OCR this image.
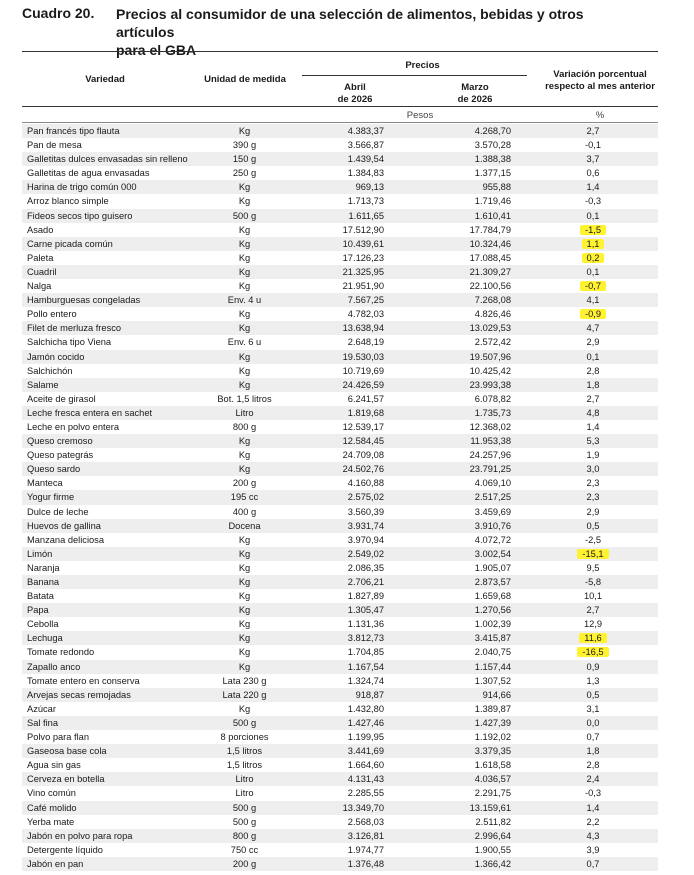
Cuadro 20. Precios al consumidor de una selección de alimentos, bebidas y otros artículos
para el GBA
Variedad	Unidad de medida
Precios
Abril
de 2026
Marzo
de 2026
Variación porcentual
respecto al mes anterior
Pesos	%
Pan francés tipo flauta	Kg	4.383,37	4.268,70	2,7
Pan de mesa	390 g	3.566,87	3.570,28	-0,1
Galletitas dulces envasadas sin relleno	150 g	1.439,54	1.388,38	3,7
Galletitas de agua envasadas	250 g	1.384,83	1.377,15	0,6
Harina de trigo común 000	Kg	969,13	955,88	1,4
Arroz blanco simple	Kg	1.713,73	1.719,46	-0,3
Fideos secos tipo guisero	500 g	1.611,65	1.610,41	0,1
Asado	Kg	17.512,90	17.784,79	-1,5
Carne picada común	Kg	10.439,61	10.324,46	1,1
Paleta	Kg	17.126,23	17.088,45	0,2
Cuadril	Kg	21.325,95	21.309,27	0,1
Nalga	Kg	21.951,90	22.100,56	-0,7
Hamburguesas congeladas	Env. 4 u	7.567,25	7.268,08	4,1
Pollo entero	Kg	4.782,03	4.826,46	-0,9
Filet de merluza fresco	Kg	13.638,94	13.029,53	4,7
Salchicha tipo Viena	Env. 6 u	2.648,19	2.572,42	2,9
Jamón cocido	Kg	19.530,03	19.507,96	0,1
Salchichón	Kg	10.719,69	10.425,42	2,8
Salame	Kg	24.426,59	23.993,38	1,8
Aceite de girasol	Bot. 1,5 litros	6.241,57	6.078,82	2,7
Leche fresca entera en sachet	Litro	1.819,68	1.735,73	4,8
Leche en polvo entera	800 g	12.539,17	12.368,02	1,4
Queso cremoso	Kg	12.584,45	11.953,38	5,3
Queso pategrás	Kg	24.709,08	24.257,96	1,9
Queso sardo	Kg	24.502,76	23.791,25	3,0
Manteca	200 g	4.160,88	4.069,10	2,3
Yogur firme	195 cc	2.575,02	2.517,25	2,3
Dulce de leche	400 g	3.560,39	3.459,69	2,9
Huevos de gallina	Docena	3.931,74	3.910,76	0,5
Manzana deliciosa	Kg	3.970,94	4.072,72	-2,5
Limón	Kg	2.549,02	3.002,54	-15,1
Naranja	Kg	2.086,35	1.905,07	9,5
Banana	Kg	2.706,21	2.873,57	-5,8
Batata	Kg	1.827,89	1.659,68	10,1
Papa	Kg	1.305,47	1.270,56	2,7
Cebolla	Kg	1.131,36	1.002,39	12,9
Lechuga	Kg	3.812,73	3.415,87	11,6
Tomate redondo	Kg	1.704,85	2.040,75	-16,5
Zapallo anco	Kg	1.167,54	1.157,44	0,9
Tomate entero en conserva	Lata 230 g	1.324,74	1.307,52	1,3
Arvejas secas remojadas	Lata 220 g	918,87	914,66	0,5
Azúcar	Kg	1.432,80	1.389,87	3,1
Sal fina	500 g	1.427,46	1.427,39	0,0
Polvo para flan	8 porciones	1.199,95	1.192,02	0,7
Gaseosa base cola	1,5 litros	3.441,69	3.379,35	1,8
Agua sin gas	1,5 litros	1.664,60	1.618,58	2,8
Cerveza en botella	Litro	4.131,43	4.036,57	2,4
Vino común	Litro	2.285,55	2.291,75	-0,3
Café molido	500 g	13.349,70	13.159,61	1,4
Yerba mate	500 g	2.568,03	2.511,82	2,2
Jabón en polvo para ropa	800 g	3.126,81	2.996,64	4,3
Detergente líquido	750 cc	1.974,77	1.900,55	3,9
Jabón en pan	200 g	1.376,48	1.366,42	0,7
